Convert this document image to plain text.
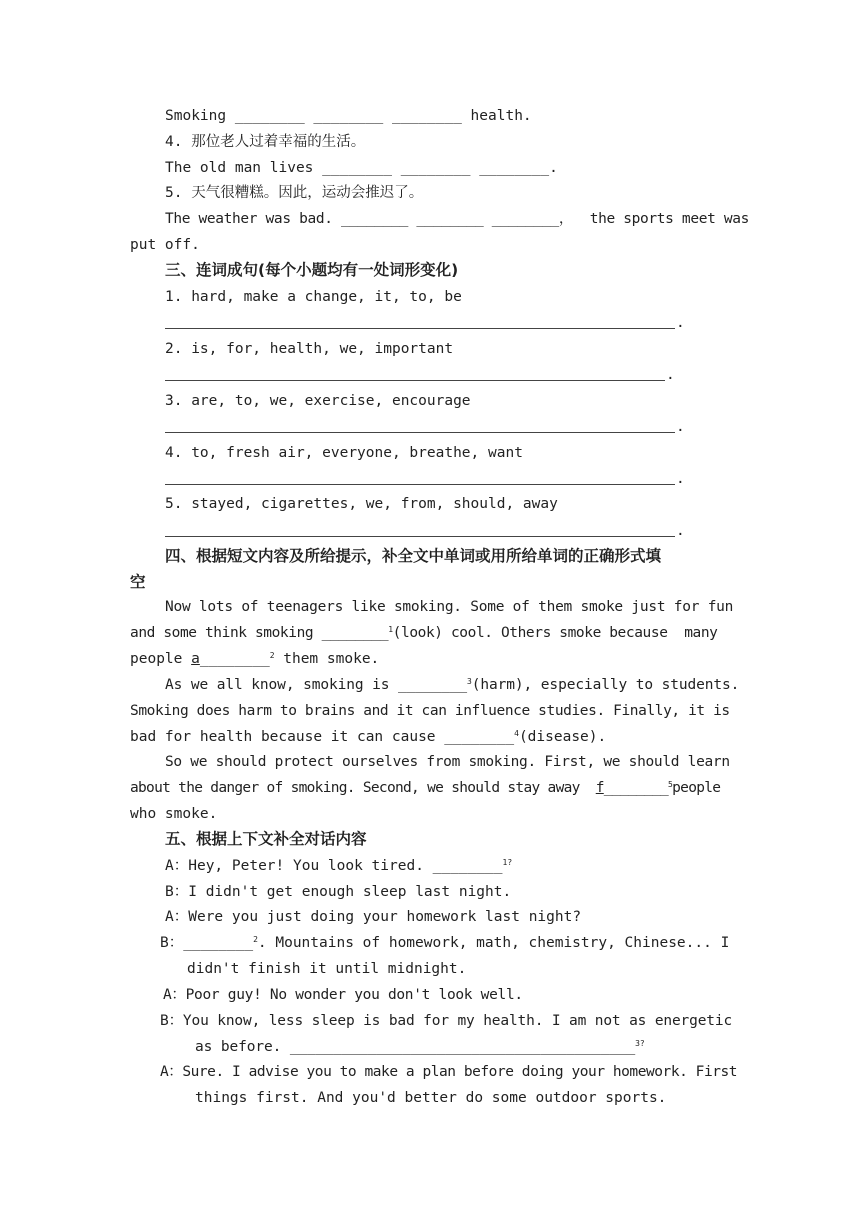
Smoking ________ ________ ________ health.
4. 那位老人过着幸福的生活。
The old man lives ________ ________ ________.
5. 天气很糟糕。因此，运动会推迟了。
The weather was bad. ________ ________ ________，  the sports meet was
put off.
三、连词成句(每个小题均有一处词形变化)
1. hard, make a change, it, to, be
.
2. is, for, health, we, important
.
3. are, to, we, exercise, encourage
.
4. to, fresh air, everyone, breathe, want
.
5. stayed, cigarettes, we, from, should, away
.
四、根据短文内容及所给提示，补全文中单词或用所给单词的正确形式填
空
Now lots of teenagers like smoking. Some of them smoke just for fun
and some think smoking ________$^1$(look) cool. Others smoke because  many
people a________$^2$ them smoke.
As we all know, smoking is ________$^3$(harm), especially to students.
Smoking does harm to brains and it can influence studies. Finally, it is
bad for health because it can cause ________$^4$(disease).
So we should protect ourselves from smoking. First, we should learn
about the danger of smoking. Second, we should stay away  f________$^5$people
who smoke.
五、根据上下文补全对话内容
A：Hey, Peter! You look tired. ________$^{1?}$
B：I didn't get enough sleep last night.
A：Were you just doing your homework last night?
B：________$^2$. Mountains of homework, math, chemistry, Chinese... I
didn't finish it until midnight.
A：Poor guy! No wonder you don't look well.
B：You know, less sleep is bad for my health. I am not as energetic
as before. ________________________________________$^{3?}$
A：Sure. I advise you to make a plan before doing your homework. First
things first. And you'd better do some outdoor sports.
